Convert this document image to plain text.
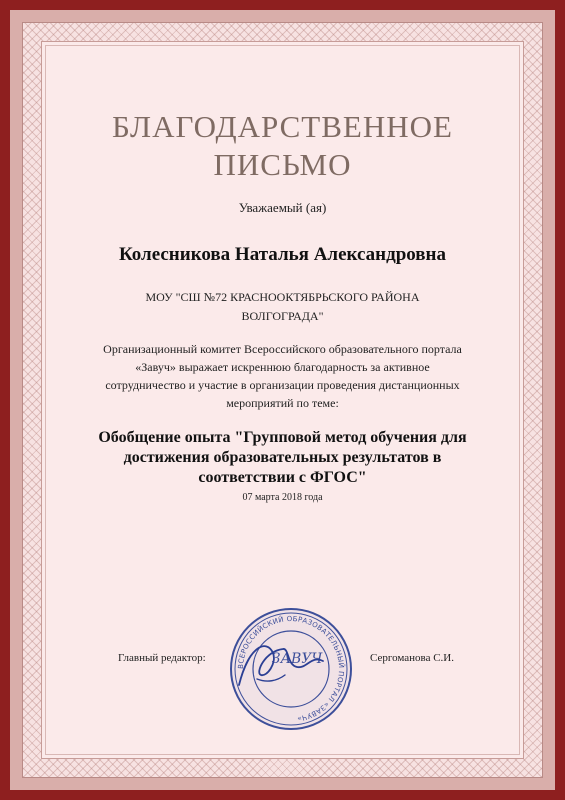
БЛАГОДАРСТВЕННОЕ
ПИСЬМО
Уважаемый (ая)
Колесникова Наталья Александровна
МОУ "СШ №72 КРАСНООКТЯБРЬСКОГО РАЙОНА ВОЛГОГРАДА"
Организационный комитет Всероссийского образовательного портала «Завуч» выражает искреннюю благодарность за активное сотрудничество и участие в организации проведения дистанционных мероприятий по теме:
Обобщение опыта "Групповой метод обучения для достижения образовательных результатов в соответствии с ФГОС"
07 марта 2018 года
Главный редактор:
ВСЕРОССИЙСКИЙ ОБРАЗОВАТЕЛЬНЫЙ ПОРТАЛ «ЗАВУЧ»
ЗАВУЧ	Сергоманова С.И.
